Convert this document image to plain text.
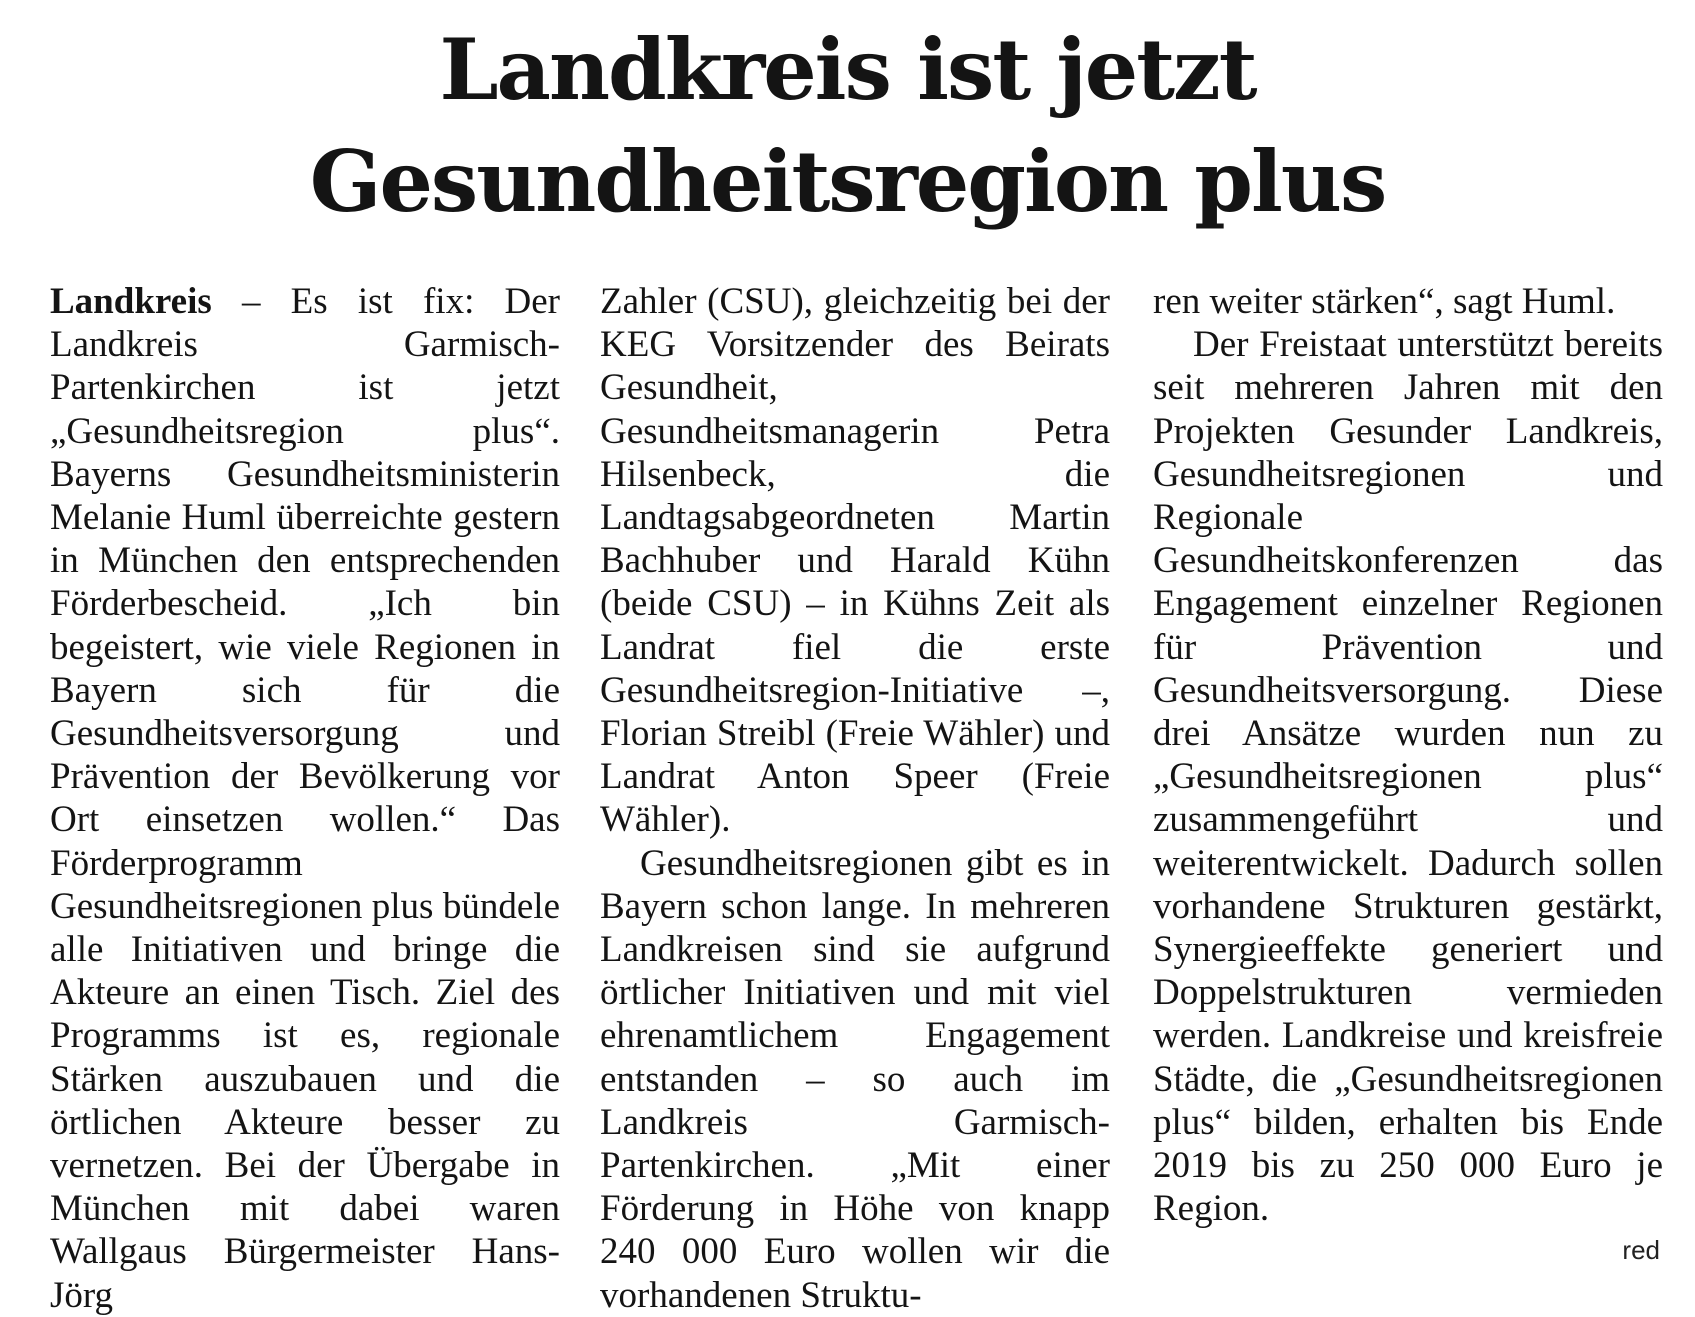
Landkreis ist jetzt
Gesundheitsregion plus

Landkreis – Es ist fix: Der Landkreis Garmisch-Partenkirchen ist jetzt „Gesundheitsregion plus“. Bayerns Gesundheitsministerin Melanie Huml überreichte gestern in München den entsprechenden Förderbescheid. „Ich bin begeistert, wie viele Regionen in Bayern sich für die Gesundheitsversorgung und Prävention der Bevölkerung vor Ort einsetzen wollen.“ Das Förderprogramm Gesundheitsregionen plus bündele alle Initiativen und bringe die Akteure an einen Tisch. Ziel des Programms ist es, regionale Stärken auszubauen und die örtlichen Akteure besser zu vernetzen. Bei der Übergabe in München mit dabei waren Wallgaus Bürgermeister Hans-Jörg

Zahler (CSU), gleichzeitig bei der KEG Vorsitzender des Beirats Gesundheit, Gesundheitsmanagerin Petra Hilsenbeck, die Landtagsabgeordneten Martin Bachhuber und Harald Kühn (beide CSU) – in Kühns Zeit als Landrat fiel die erste Gesundheitsregion-Initiative –, Florian Streibl (Freie Wähler) und Landrat Anton Speer (Freie Wähler).

Gesundheitsregionen gibt es in Bayern schon lange. In mehreren Landkreisen sind sie aufgrund örtlicher Initiativen und mit viel ehrenamtlichem Engagement entstanden – so auch im Landkreis Garmisch-Partenkirchen. „Mit einer Förderung in Höhe von knapp 240 000 Euro wollen wir die vorhandenen Struktu-

ren weiter stärken“, sagt Huml.

Der Freistaat unterstützt bereits seit mehreren Jahren mit den Projekten Gesunder Landkreis, Gesundheitsregionen und Regionale Gesundheitskonferenzen das Engagement einzelner Regionen für Prävention und Gesundheitsversorgung. Diese drei Ansätze wurden nun zu „Gesundheitsregionen plus“ zusammengeführt und weiterentwickelt. Dadurch sollen vorhandene Strukturen gestärkt, Synergieeffekte generiert und Doppelstrukturen vermieden werden. Landkreise und kreisfreie Städte, die „Gesundheitsregionen plus“ bilden, erhalten bis Ende 2019 bis zu 250 000 Euro je Region.

red
